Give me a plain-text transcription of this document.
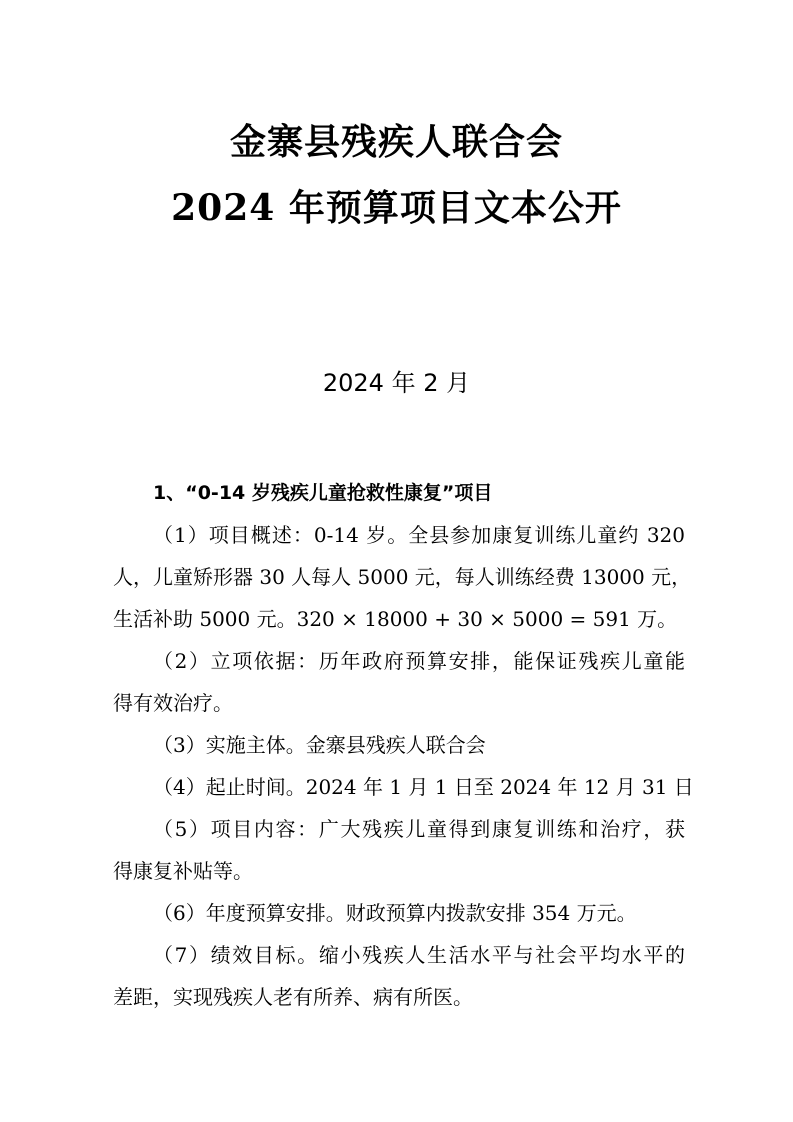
金寨县残疾人联合会
2024 年预算项目文本公开
2024 年 2 月
1、“0-14 岁残疾儿童抢救性康复”项目
（1）项目概述：0-14 岁。全县参加康复训练儿童约 320
人，儿童矫形器 30 人每人 5000 元，每人训练经费 13000 元，
生活补助 5000 元。320 × 18000 + 30 × 5000 = 591 万。
（2）立项依据：历年政府预算安排，能保证残疾儿童能
得有效治疗。
（3）实施主体。金寨县残疾人联合会
（4）起止时间。2024 年 1 月 1 日至 2024 年 12 月 31 日
（5）项目内容：广大残疾儿童得到康复训练和治疗，获
得康复补贴等。
（6）年度预算安排。财政预算内拨款安排 354 万元。
（7）绩效目标。缩小残疾人生活水平与社会平均水平的
差距，实现残疾人老有所养、病有所医。
